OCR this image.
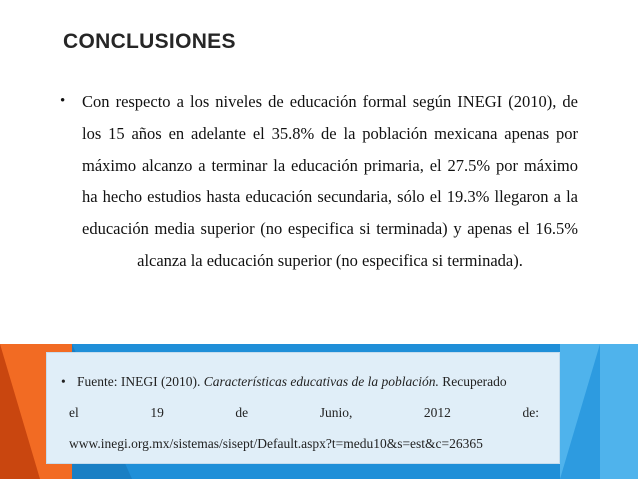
CONCLUSIONES
• Con respecto a los niveles de educación formal según INEGI (2010), de los 15 años en adelante el 35.8% de la población mexicana apenas por máximo alcanzo a terminar la educación primaria, el 27.5% por máximo ha hecho estudios hasta educación secundaria, sólo el 19.3% llegaron a la educación media superior (no especifica si terminada) y apenas el 16.5% alcanza la educación superior (no especifica si terminada).
• Fuente: INEGI (2010). Características educativas de la población. Recuperado
el	19	de	Junio,	2012	de:
www.inegi.org.mx/sistemas/sisept/Default.aspx?t=medu10&s=est&c=26365
